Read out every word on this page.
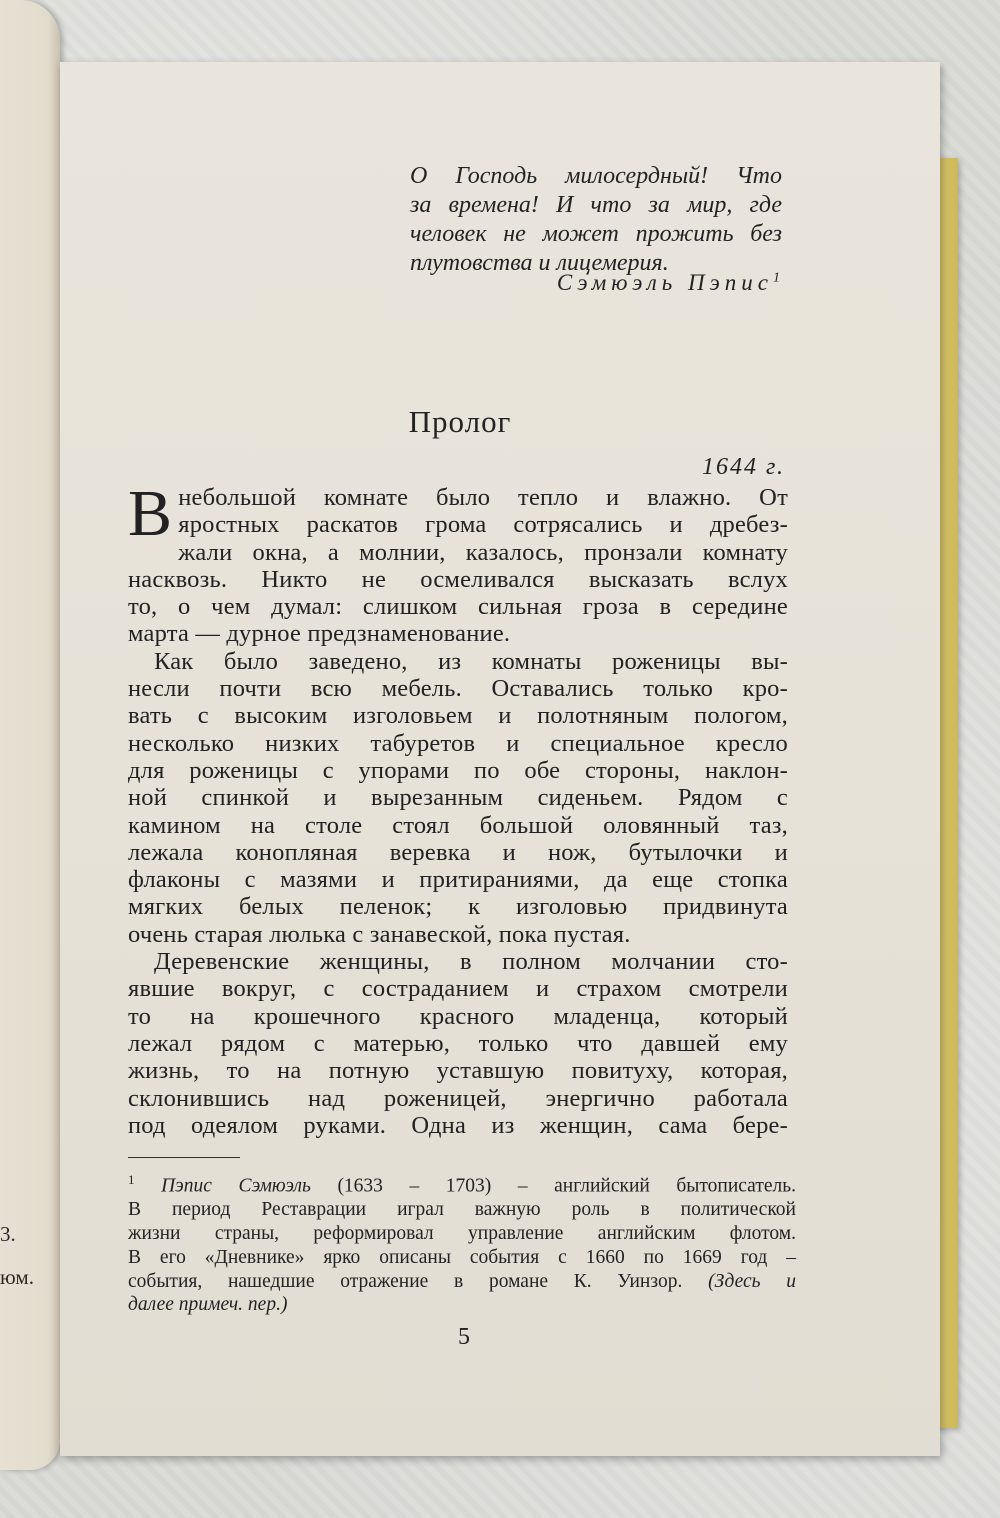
3.
юм.
О Господь милосердный! Что
за времена! И что за мир, где
человек не может прожить без
плутовства и лицемерия.
Сэмюэль Пэпис$^1$
Пролог
1644 г.
В небольшой комнате было тепло и влажно. От
яростных раскатов грома сотрясались и дребез-
жали окна, а молнии, казалось, пронзали комнату
насквозь. Никто не осмеливался высказать вслух
то, о чем думал: слишком сильная гроза в середине
марта — дурное предзнаменование.
Как было заведено, из комнаты роженицы вы-
несли почти всю мебель. Оставались только кро-
вать с высоким изголовьем и полотняным пологом,
несколько низких табуретов и специальное кресло
для роженицы с упорами по обе стороны, наклон-
ной спинкой и вырезанным сиденьем. Рядом с
камином на столе стоял большой оловянный таз,
лежала конопляная веревка и нож, бутылочки и
флаконы с мазями и притираниями, да еще стопка
мягких белых пеленок; к изголовью придвинута
очень старая люлька с занавеской, пока пустая.
Деревенские женщины, в полном молчании сто-
явшие вокруг, с состраданием и страхом смотрели
то на крошечного красного младенца, который
лежал рядом с матерью, только что давшей ему
жизнь, то на потную уставшую повитуху, которая,
склонившись над роженицей, энергично работала
под одеялом руками. Одна из женщин, сама бере-
$^1$ Пэпис Сэмюэль (1633 – 1703) – английский бытописатель.
В период Реставрации играл важную роль в политической
жизни страны, реформировал управление английским флотом.
В его «Дневнике» ярко описаны события с 1660 по 1669 год –
события, нашедшие отражение в романе К. Уинзор. (Здесь и
далее примеч. пер.)
5
